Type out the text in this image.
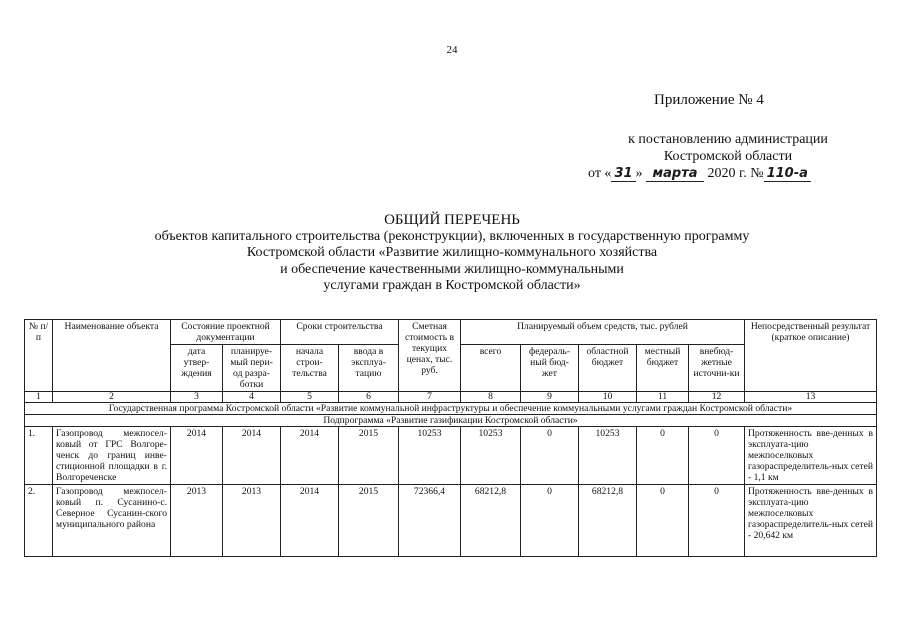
24
Приложение № 4
к постановлению администрации
Костромской области
от « 31 » марта 2020 г. № 110-а
ОБЩИЙ ПЕРЕЧЕНЬ
объектов капитального строительства (реконструкции), включенных в государственную программу
Костромской области «Развитие жилищно-коммунального хозяйства
и обеспечение качественными жилищно-коммунальными
услугами граждан в Костромской области»
№ п/п	Наименование объекта	Состояние проектной документации		Сроки строительства		Сметная стоимость в текущих ценах, тыс. руб.	Планируемый объем средств, тыс. рублей					Непосредственный результат (краткое описание)
		дата утвер-ждения	планируе-мый пери-од разра-ботки	начала строи-тельства	ввода в эксплуа-тацию		всего	федераль-ный бюд-жет	областной бюджет	местный бюджет	внебюд-жетные источни-ки	
1	2	3	4	5	6	7	8	9	10	11	12	13
Государственная программа Костромской области «Развитие коммунальной инфраструктуры и обеспечение коммунальными услугами граждан Костромской области»												
Подпрограмма «Развитие газификации Костромской области»												
1.	Газопровод межпосел-ковый от ГРС Волгоре-ченск до границ инве-стиционной площадки в г. Волгореченске	2014	2014	2014	2015	10253	10253	0	10253	0	0	Протяженность вве-денных в эксплуата-цию межпоселковых газораспределитель-ных сетей - 1,1 км
2.	Газопровод межпосел-ковый п. Сусанино-с. Северное Сусанин-ского муниципального района	2013	2013	2014	2015	72366,4	68212,8	0	68212,8	0	0	Протяженность вве-денных в эксплуата-цию межпоселковых газораспределитель-ных сетей - 20,642 км
